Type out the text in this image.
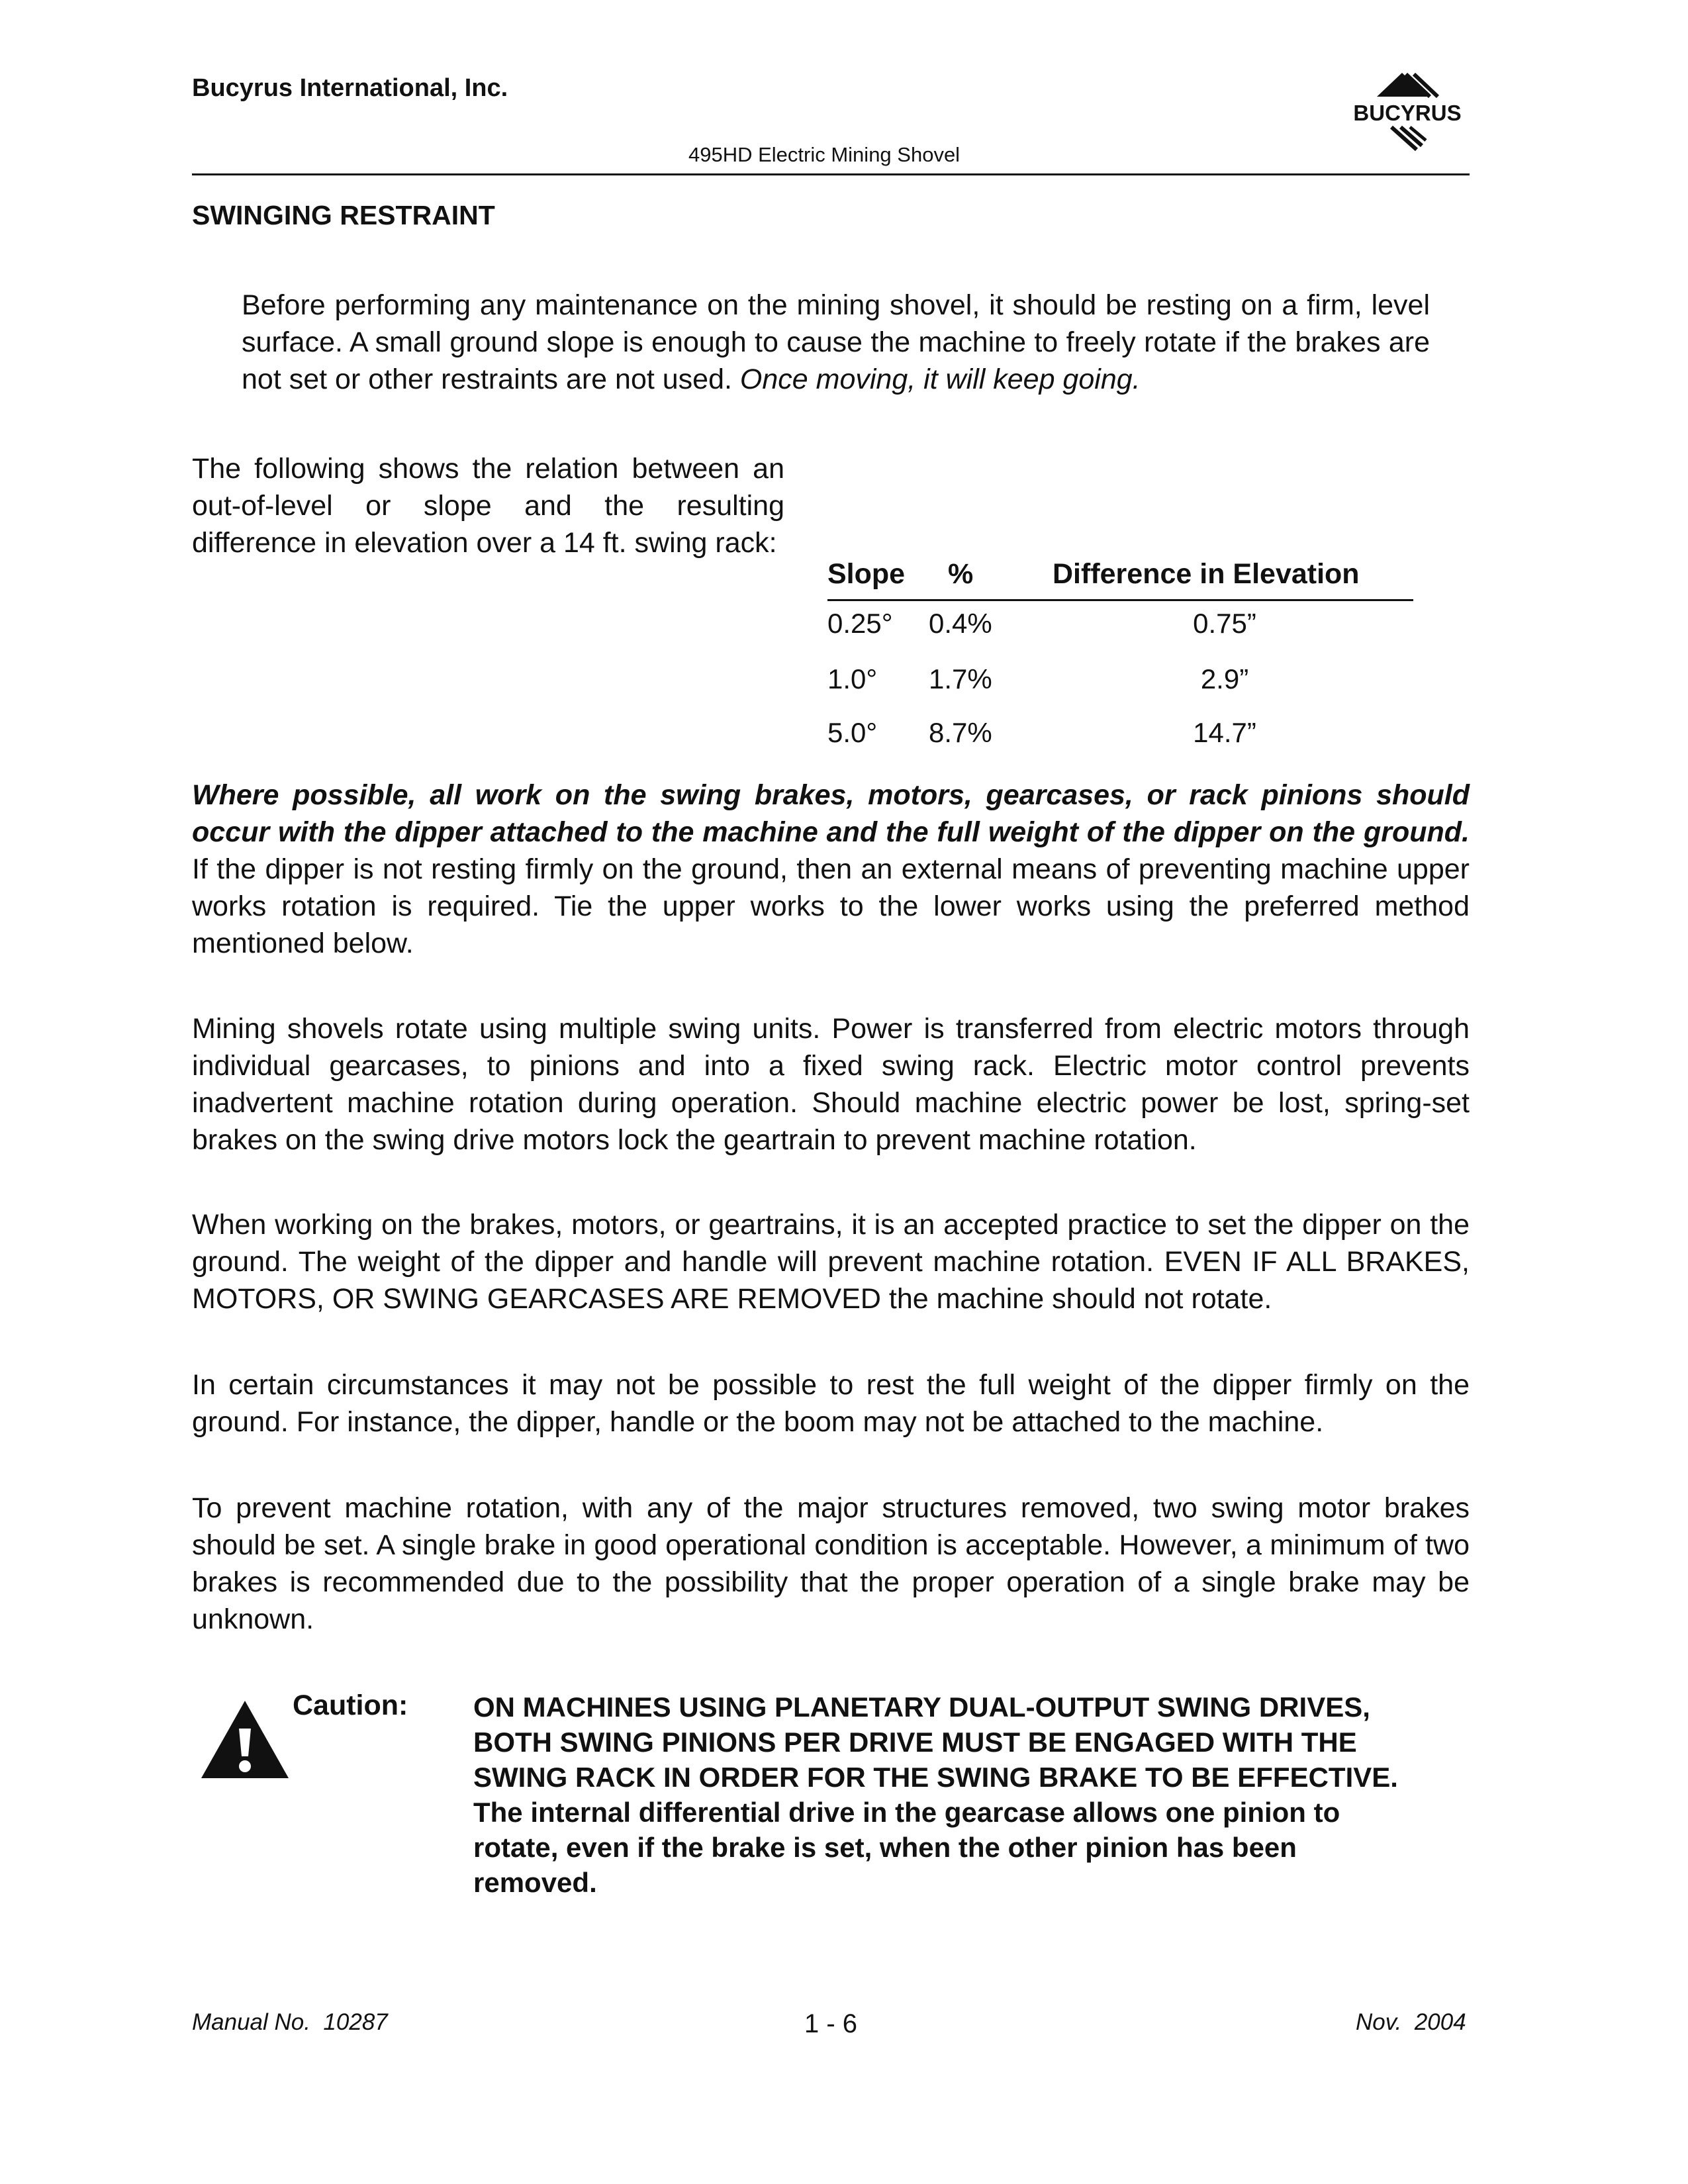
Bucyrus International, Inc.
BUCYRUS
495HD Electric Mining Shovel
SWINGING RESTRAINT
Before performing any maintenance on the mining shovel, it should be resting on a firm, level surface. A small ground slope is enough to cause the machine to freely rotate if the brakes are not set or other restraints are not used. Once moving, it will keep going.
The following shows the relation between an out-of-level or slope and the resulting difference in elevation over a 14 ft. swing rack:
Slope %	Difference in Elevation
0.25° 0.4%	0.75”
1.0° 1.7%	2.9”
5.0° 8.7%	14.7”
Where possible, all work on the swing brakes, motors, gearcases, or rack pinions should occur with the dipper attached to the machine and the full weight of the dipper on the ground. If the dipper is not resting firmly on the ground, then an external means of preventing machine upper works rotation is required. Tie the upper works to the lower works using the preferred method mentioned below.
Mining shovels rotate using multiple swing units. Power is transferred from electric motors through individual gearcases, to pinions and into a fixed swing rack. Electric motor control prevents inadvertent machine rotation during operation. Should machine electric power be lost, spring-set brakes on the swing drive motors lock the geartrain to prevent machine rotation.
When working on the brakes, motors, or geartrains, it is an accepted practice to set the dipper on the ground. The weight of the dipper and handle will prevent machine rotation. EVEN IF ALL BRAKES, MOTORS, OR SWING GEARCASES ARE REMOVED the machine should not rotate.
In certain circumstances it may not be possible to rest the full weight of the dipper firmly on the ground. For instance, the dipper, handle or the boom may not be attached to the machine.
To prevent machine rotation, with any of the major structures removed, two swing motor brakes should be set. A single brake in good operational condition is acceptable. However, a minimum of two brakes is recommended due to the possibility that the proper operation of a single brake may be unknown.
Caution: ON MACHINES USING PLANETARY DUAL-OUTPUT SWING DRIVES,
BOTH SWING PINIONS PER DRIVE MUST BE ENGAGED WITH THE
SWING RACK IN ORDER FOR THE SWING BRAKE TO BE EFFECTIVE.
The internal differential drive in the gearcase allows one pinion to
rotate, even if the brake is set, when the other pinion has been
removed.
Manual No.  10287	1 - 6	Nov.  2004
